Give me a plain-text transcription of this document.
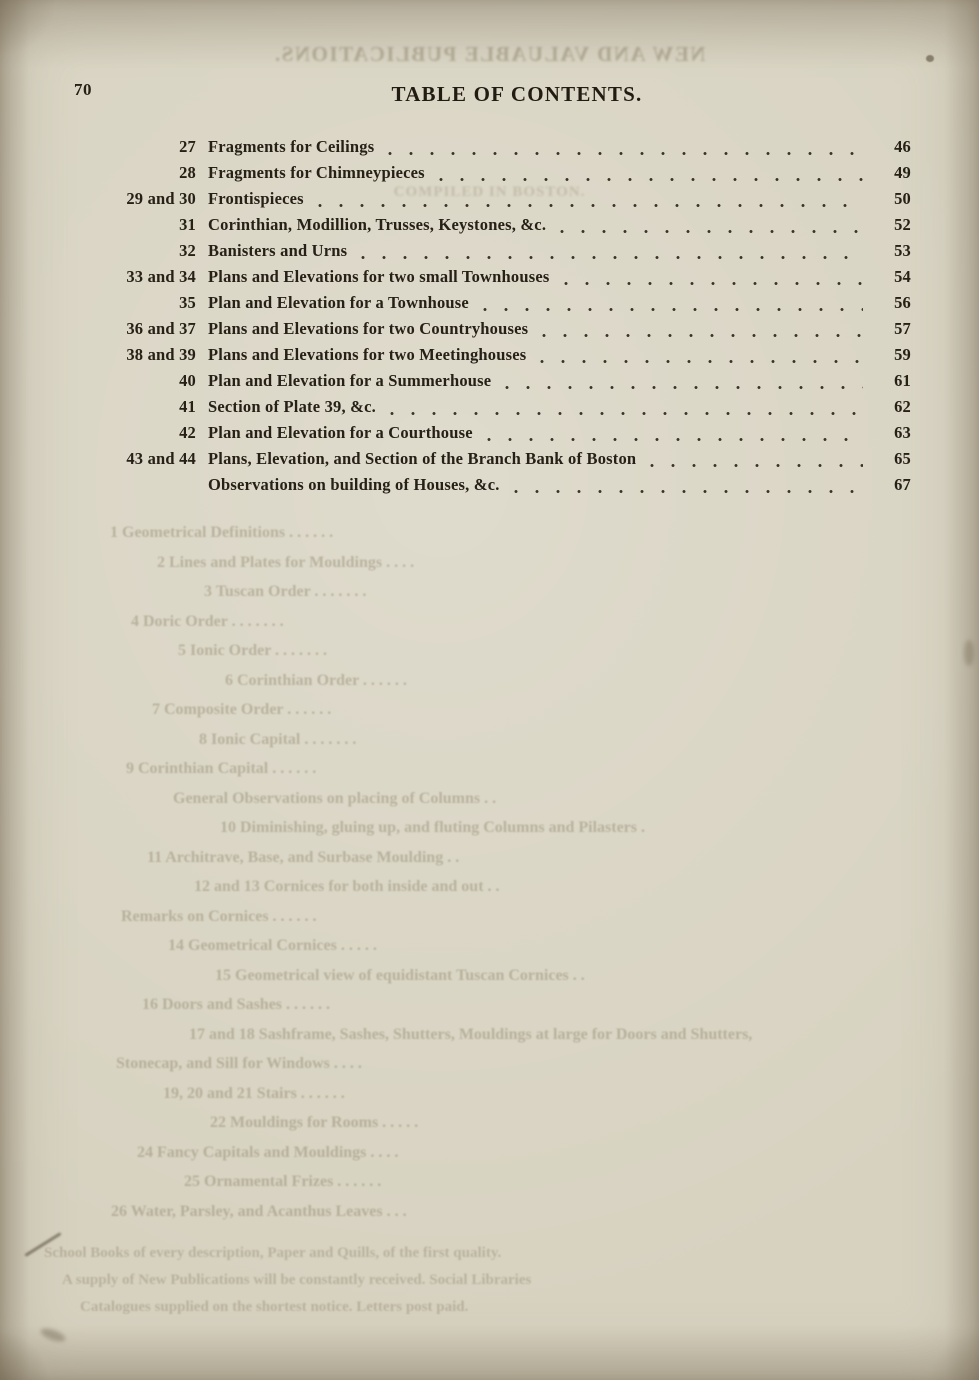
NEW AND VALUABLE PUBLICATIONS.
COMPILED IN BOSTON.
1 Geometrical Definitions . . . . . .
2 Lines and Plates for Mouldings . . . .
3 Tuscan Order . . . . . . .
4 Doric Order . . . . . . .
5 Ionic Order . . . . . . .
6 Corinthian Order . . . . . .
7 Composite Order . . . . . .
8 Ionic Capital . . . . . . .
9 Corinthian Capital . . . . . .
General Observations on placing of Columns . .
10 Diminishing, gluing up, and fluting Columns and Pilasters .
11 Architrave, Base, and Surbase Moulding . .
12 and 13 Cornices for both inside and out . .
Remarks on Cornices . . . . . .
14 Geometrical Cornices . . . . .
15 Geometrical view of equidistant Tuscan Cornices . .
16 Doors and Sashes . . . . . .
17 and 18 Sashframe, Sashes, Shutters, Mouldings at large for Doors and Shutters,
Stonecap, and Sill for Windows . . . .
19, 20 and 21 Stairs . . . . . .
22 Mouldings for Rooms . . . . .
24 Fancy Capitals and Mouldings . . . .
25 Ornamental Frizes . . . . . .
26 Water, Parsley, and Acanthus Leaves . . .
School Books of every description, Paper and Quills, of the first quality.
A supply of New Publications will be constantly received. Social Libraries
Catalogues supplied on the shortest notice. Letters post paid.
70	TABLE OF CONTENTS.
27 Fragments for Ceilings	46
28 Fragments for Chimneypieces	49
29 and 30 Frontispieces	50
31 Corinthian, Modillion, Trusses, Keystones, &c.	52
32 Banisters and Urns	53
33 and 34 Plans and Elevations for two small Townhouses	54
35 Plan and Elevation for a Townhouse	56
36 and 37 Plans and Elevations for two Countryhouses	57
38 and 39 Plans and Elevations for two Meetinghouses	59
40 Plan and Elevation for a Summerhouse	61
41 Section of Plate 39, &c.	62
42 Plan and Elevation for a Courthouse	63
43 and 44 Plans, Elevation, and Section of the Branch Bank of Boston	65
Observations on building of Houses, &c.	67
